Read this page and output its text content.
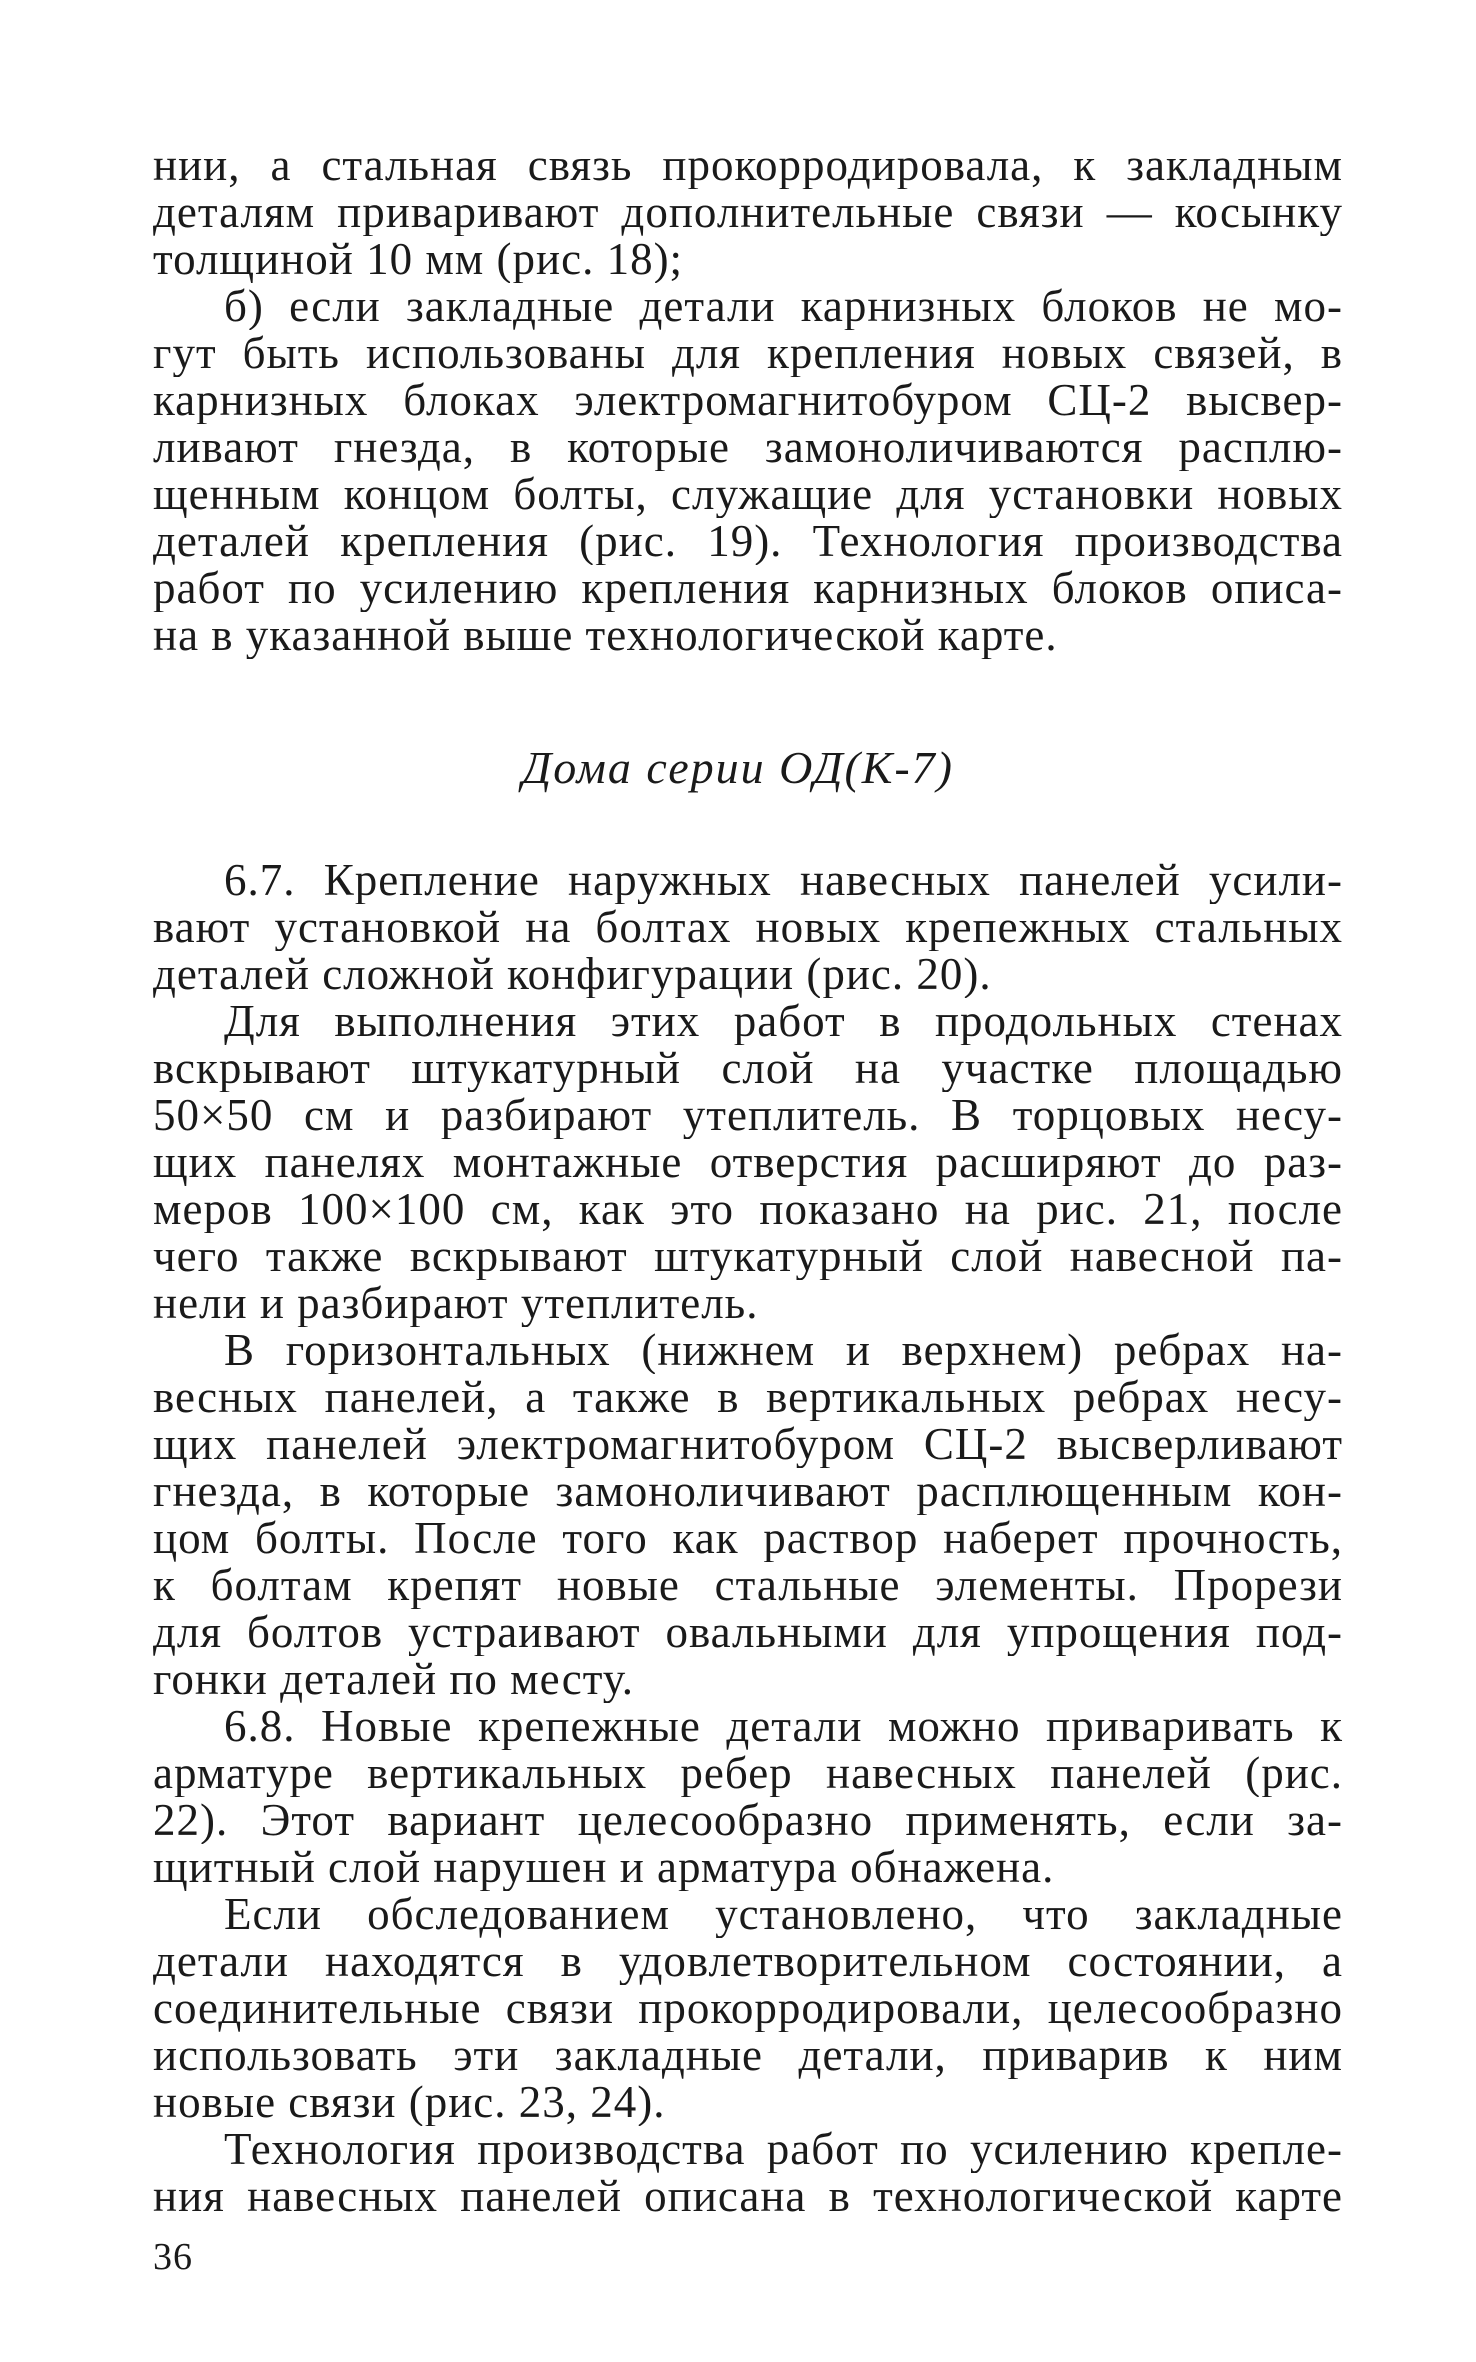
нии, а стальная связь прокорродировала, к закладным
деталям приваривают дополнительные связи — косынку
толщиной 10 мм (рис. 18);
б) если закладные детали карнизных блоков не мо-
гут быть использованы для крепления новых связей, в
карнизных блоках электромагнитобуром СЦ-2 высвер-
ливают гнезда, в которые замоноличиваются расплю-
щенным концом болты, служащие для установки новых
деталей крепления (рис. 19). Технология производства
работ по усилению крепления карнизных блоков описа-
на в указанной выше технологической карте.
Дома серии ОД(К-7)
6.7. Крепление наружных навесных панелей усили-
вают установкой на болтах новых крепежных стальных
деталей сложной конфигурации (рис. 20).
Для выполнения этих работ в продольных стенах
вскрывают штукатурный слой на участке площадью
50×50 см и разбирают утеплитель. В торцовых несу-
щих панелях монтажные отверстия расширяют до раз-
меров 100×100 см, как это показано на рис. 21, после
чего также вскрывают штукатурный слой навесной па-
нели и разбирают утеплитель.
В горизонтальных (нижнем и верхнем) ребрах на-
весных панелей, а также в вертикальных ребрах несу-
щих панелей электромагнитобуром СЦ-2 высверливают
гнезда, в которые замоноличивают расплющенным кон-
цом болты. После того как раствор наберет прочность,
к болтам крепят новые стальные элементы. Прорези
для болтов устраивают овальными для упрощения под-
гонки деталей по месту.
6.8. Новые крепежные детали можно приваривать к
арматуре вертикальных ребер навесных панелей (рис.
22). Этот вариант целесообразно применять, если за-
щитный слой нарушен и арматура обнажена.
Если обследованием установлено, что закладные
детали находятся в удовлетворительном состоянии, а
соединительные связи прокорродировали, целесообразно
использовать эти закладные детали, приварив к ним
новые связи (рис. 23, 24).
Технология производства работ по усилению крепле-
ния навесных панелей описана в технологической карте
36
